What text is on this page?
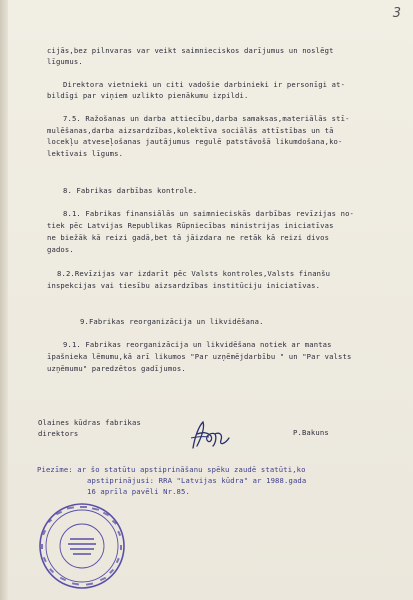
3
cijās,bez pilnvaras var veikt saimnieciskos darījumus un noslēgt
līgumus.
Direktora vietnieki un citi vadošie darbinieki ir personīgi at-
bildīgi par viņiem uzlikto pienākumu izpildi.
7.5. Ražošanas un darba attiecību,darba samaksas,materiālās stī-
mulēšanas,darba aizsardzības,kolektīva sociālās attīstības un tā
locekļu atveseļošanas jautājumus regulē patstāvošā likumdošana,ko-
lektīvais līgums.
8. Fabrikas darbības kontrole.
8.1. Fabrikas finansiālās un saimnieciskās darbības revīzijas no-
tiek pēc Latvijas Republikas Rūpniecības ministrijas iniciatīvas
ne biežāk kā reizi gadā,bet tā jāizdara ne retāk kā reizi divos
gados.
8.2.Revīzijas var izdarīt pēc Valsts kontroles,Valsts finanšu
inspekcijas vai tiesību aizsardzības institūciju iniciatīvas.
9.Fabrikas reorganizācija un likvidēšana.
9.1. Fabrikas reorganizācija un likvidēšana notiek ar mantas
īpašnieka lēmumu,kā arī likumos "Par uzņēmējdarbību " un "Par valsts
uzņēmumu" paredzētos gadījumos.
Olaines kūdras fabrikas
direktors	P.Bakuns
Piezīme: ar šo statūtu apstiprināšanu spēku zaudē statūti,ko
apstiprinājusi: RRA "Latvijas kūdra" ar 1988.gada
16 aprīla pavēli Nr.85.
